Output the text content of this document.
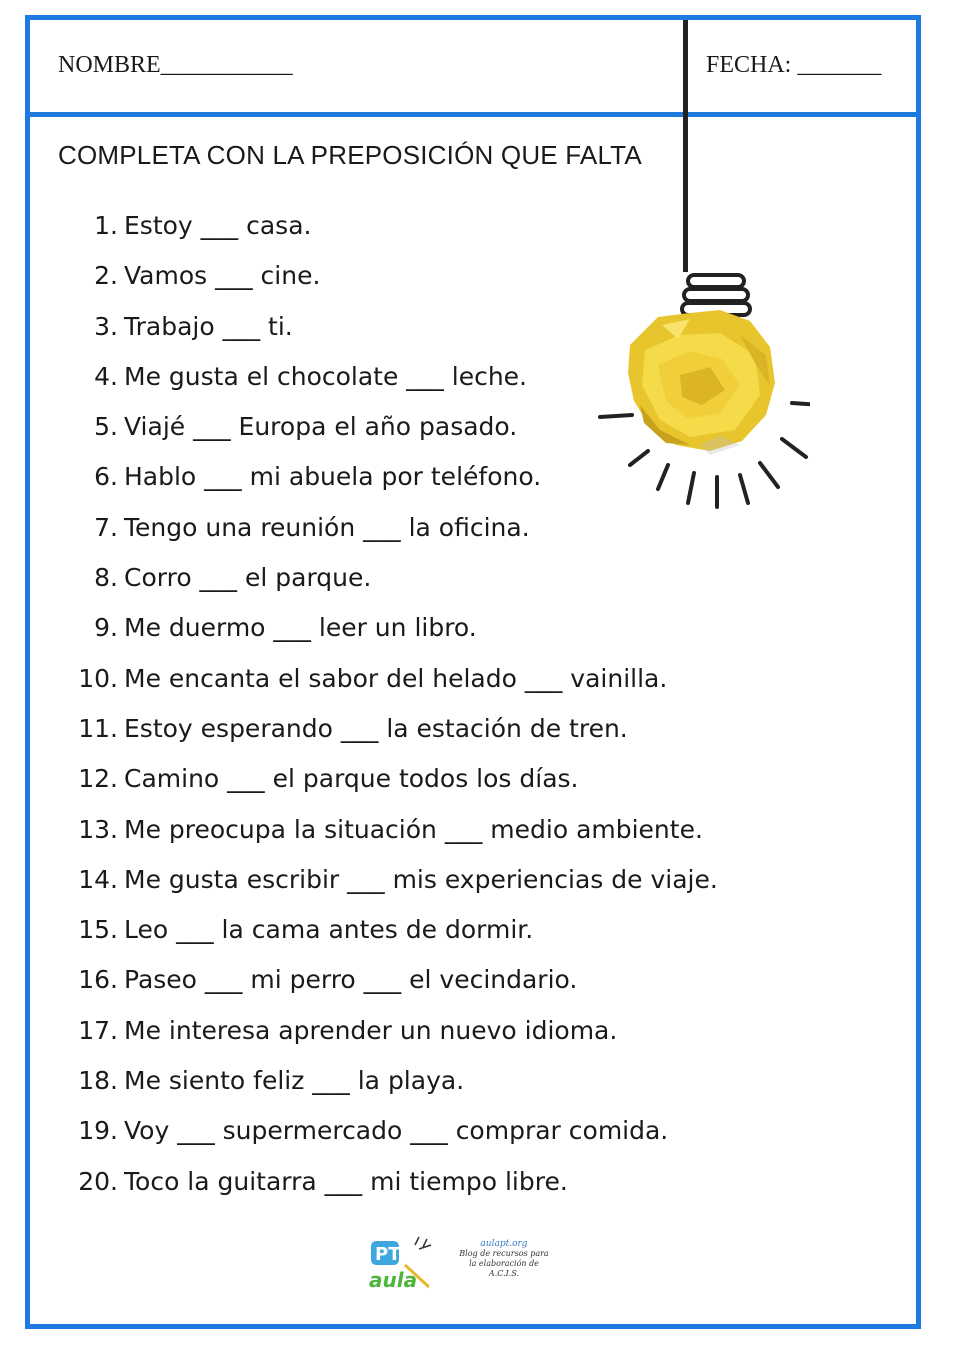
NOMBRE___________	FECHA: _______
COMPLETA CON LA PREPOSICIÓN QUE FALTA
1. Estoy ___ casa.
2. Vamos ___ cine.
3. Trabajo ___ ti.
4. Me gusta el chocolate ___ leche.
5. Viajé ___ Europa el año pasado.
6. Hablo ___ mi abuela por teléfono.
7. Tengo una reunión ___ la oficina.
8. Corro ___ el parque.
9. Me duermo ___ leer un libro.
10. Me encanta el sabor del helado ___ vainilla.
11. Estoy esperando ___ la estación de tren.
12. Camino ___ el parque todos los días.
13. Me preocupa la situación ___ medio ambiente.
14. Me gusta escribir ___ mis experiencias de viaje.
15. Leo ___ la cama antes de dormir.
16. Paseo ___ mi perro ___ el vecindario.
17. Me interesa aprender un nuevo idioma.
18. Me siento feliz ___ la playa.
19. Voy ___ supermercado ___ comprar comida.
20. Toco la guitarra ___ mi tiempo libre.
PT
aula
aulapt.org
Blog de recursos para la elaboración de A.C.I.S.
